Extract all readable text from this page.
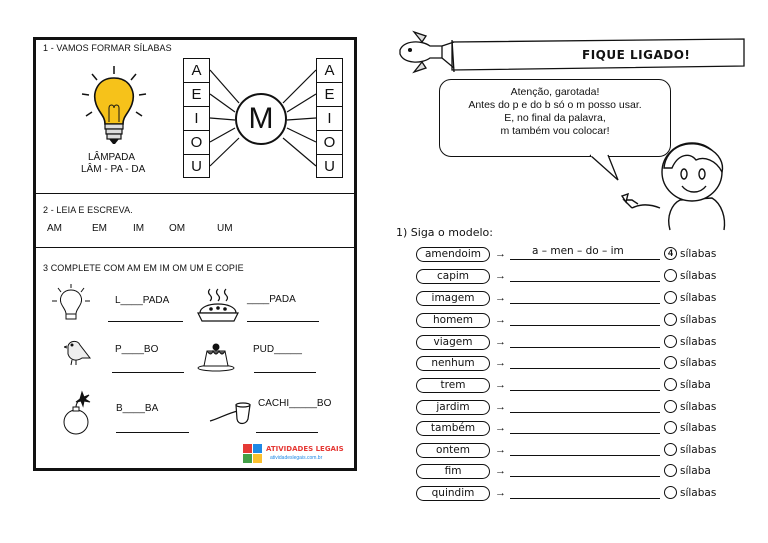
1 - VAMOS FORMAR SÍLABAS
LÂMPADA
LÂM - PA - DA
A
E
I
O
U
M
A
E
I
O
U
2 - LEIA E ESCREVA.
AM	EM	IM OM	UM
3 COMPLETE COM AM EM IM OM UM E COPIE
L____PADA	____PADA
P____BO	PUD_____
B____BA	CACHI_____BO
ATIVIDADES LEGAIS
atividadeslegais.com.br
FIQUE LIGADO!

Atenção, garotada!

Antes do p e do b só o m posso usar.

E, no final da palavra,

m também vou colocar!

1) Siga o modelo:
amendoim	→ a – men – do – im	4 sílabas
capim	→	sílabas
imagem	→	sílabas
homem	→	sílabas
viagem	→	sílabas
nenhum	→	sílabas
trem	→	sílaba
jardim	→	sílabas
também	→	sílabas
ontem	→	sílabas
fim	→	sílaba
quindim	→	sílabas
